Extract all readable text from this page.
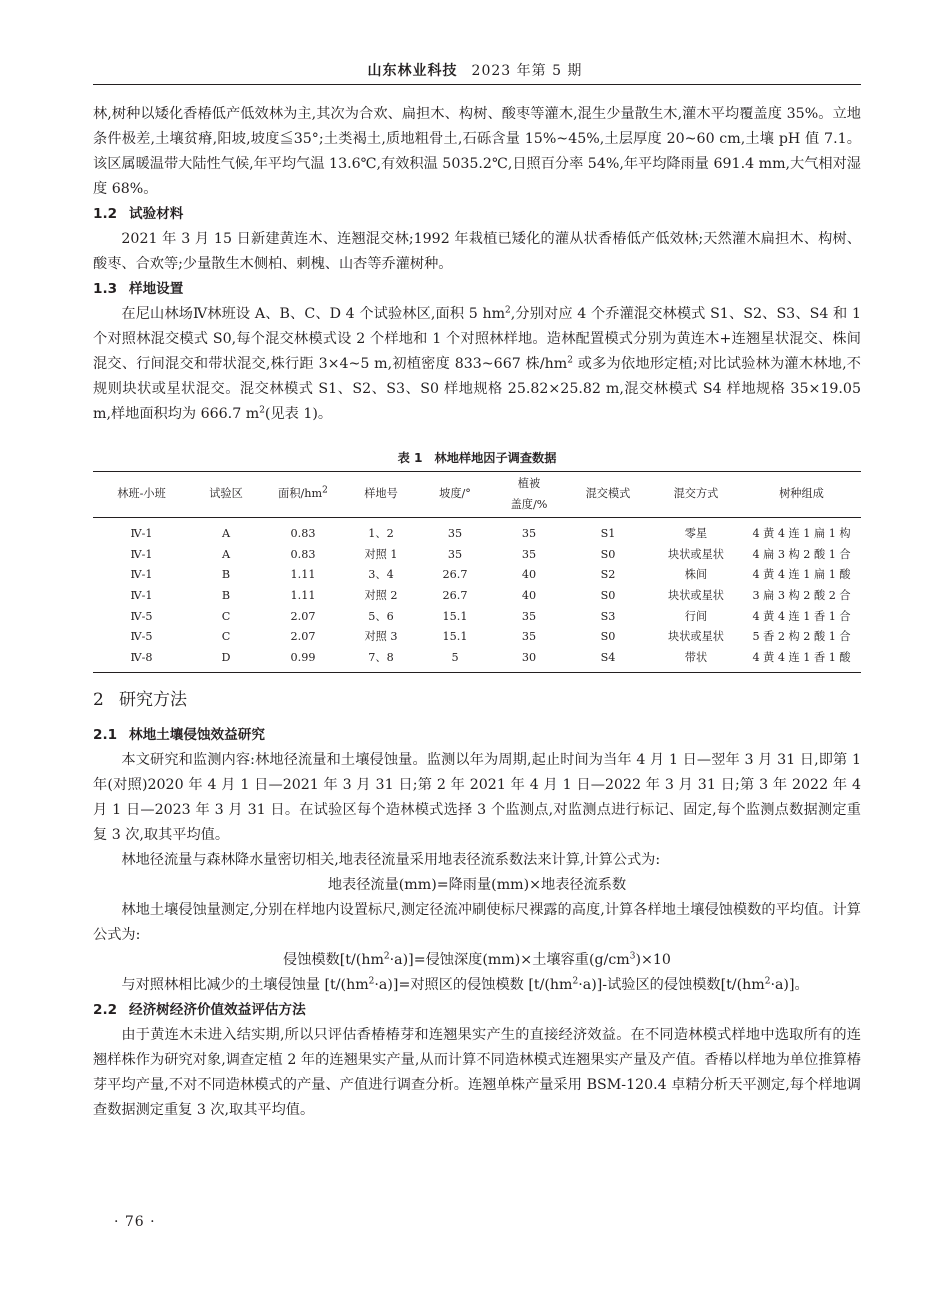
山东林业科技 2023 年第 5 期

林,树种以矮化香椿低产低效林为主,其次为合欢、扁担木、构树、酸枣等灌木,混生少量散生木,灌木平均覆盖度 35%。立地条件极差,土壤贫瘠,阳坡,坡度≦35°;土类褐土,质地粗骨土,石砾含量 15%~45%,土层厚度 20~60 cm,土壤 pH 值 7.1。该区属暖温带大陆性气候,年平均气温 13.6℃,有效积温 5035.2℃,日照百分率 54%,年平均降雨量 691.4 mm,大气相对湿度 68%。

1.2 试验材料

2021 年 3 月 15 日新建黄连木、连翘混交林;1992 年栽植已矮化的灌从状香椿低产低效林;天然灌木扁担木、构树、酸枣、合欢等;少量散生木侧柏、刺槐、山杏等乔灌树种。

1.3 样地设置

在尼山林场Ⅳ林班设 A、B、C、D 4 个试验林区,面积 5 $hm^2$,分别对应 4 个乔灌混交林模式 S1、S2、S3、S4 和 1 个对照林混交模式 S0,每个混交林模式设 2 个样地和 1 个对照林样地。造林配置模式分别为黄连木+连翘星状混交、株间混交、行间混交和带状混交,株行距 3×4~5 m,初植密度 833~667 株$/hm^2$ 或多为依地形定植;对比试验林为灌木林地,不规则块状或星状混交。混交林模式 S1、S2、S3、S0 样地规格 25.82×25.82 m,混交林模式 S4 样地规格 35×19.05 m,样地面积均为 666.7 $m^2$(见表 1)。

表 1 林地样地因子调查数据
林班-小班	试验区	面积$/hm^2$	样地号	坡度/°	植被
盖度/%	混交模式	混交方式	树种组成
Ⅳ-1	A	0.83	1、2	35	35	S1	零星	4 黄 4 连 1 扁 1 构
Ⅳ-1	A	0.83	对照 1	35	35	S0	块状或星状	4 扁 3 构 2 酸 1 合
Ⅳ-1	B	1.11	3、4	26.7	40	S2	株间	4 黄 4 连 1 扁 1 酸
Ⅳ-1	B	1.11	对照 2	26.7	40	S0	块状或星状	3 扁 3 构 2 酸 2 合
Ⅳ-5	C	2.07	5、6	15.1	35	S3	行间	4 黄 4 连 1 香 1 合
Ⅳ-5	C	2.07	对照 3	15.1	35	S0	块状或星状	5 香 2 构 2 酸 1 合
Ⅳ-8	D	0.99	7、8	5	30	S4	带状	4 黄 4 连 1 香 1 酸
2 研究方法
2.1 林地土壤侵蚀效益研究

本文研究和监测内容:林地径流量和土壤侵蚀量。监测以年为周期,起止时间为当年 4 月 1 日—翌年 3 月 31 日,即第 1 年(对照)2020 年 4 月 1 日—2021 年 3 月 31 日;第 2 年 2021 年 4 月 1 日—2022 年 3 月 31 日;第 3 年 2022 年 4 月 1 日—2023 年 3 月 31 日。在试验区每个造林模式选择 3 个监测点,对监测点进行标记、固定,每个监测点数据测定重复 3 次,取其平均值。

林地径流量与森林降水量密切相关,地表径流量采用地表径流系数法来计算,计算公式为:

地表径流量(mm)=降雨量(mm)×地表径流系数

林地土壤侵蚀量测定,分别在样地内设置标尺,测定径流冲刷使标尺裸露的高度,计算各样地土壤侵蚀模数的平均值。计算公式为:

侵蚀模数$[t/(hm^2\cdot a)]=$侵蚀深度(mm)×土壤容重$(g/cm^3)\times 10$

与对照林相比减少的土壤侵蚀量 $[t/(hm^2\cdot a)]=$对照区的侵蚀模数 $[t/(hm^2\cdot a)]-$试验区的侵蚀模数$[t/(hm^2\cdot a)]$。

2.2 经济树经济价值效益评估方法

由于黄连木未进入结实期,所以只评估香椿椿芽和连翘果实产生的直接经济效益。在不同造林模式样地中选取所有的连翘样株作为研究对象,调查定植 2 年的连翘果实产量,从而计算不同造林模式连翘果实产量及产值。香椿以样地为单位推算椿芽平均产量,不对不同造林模式的产量、产值进行调查分析。连翘单株产量采用 BSM-120.4 卓精分析天平测定,每个样地调查数据测定重复 3 次,取其平均值。

· 76 ·
